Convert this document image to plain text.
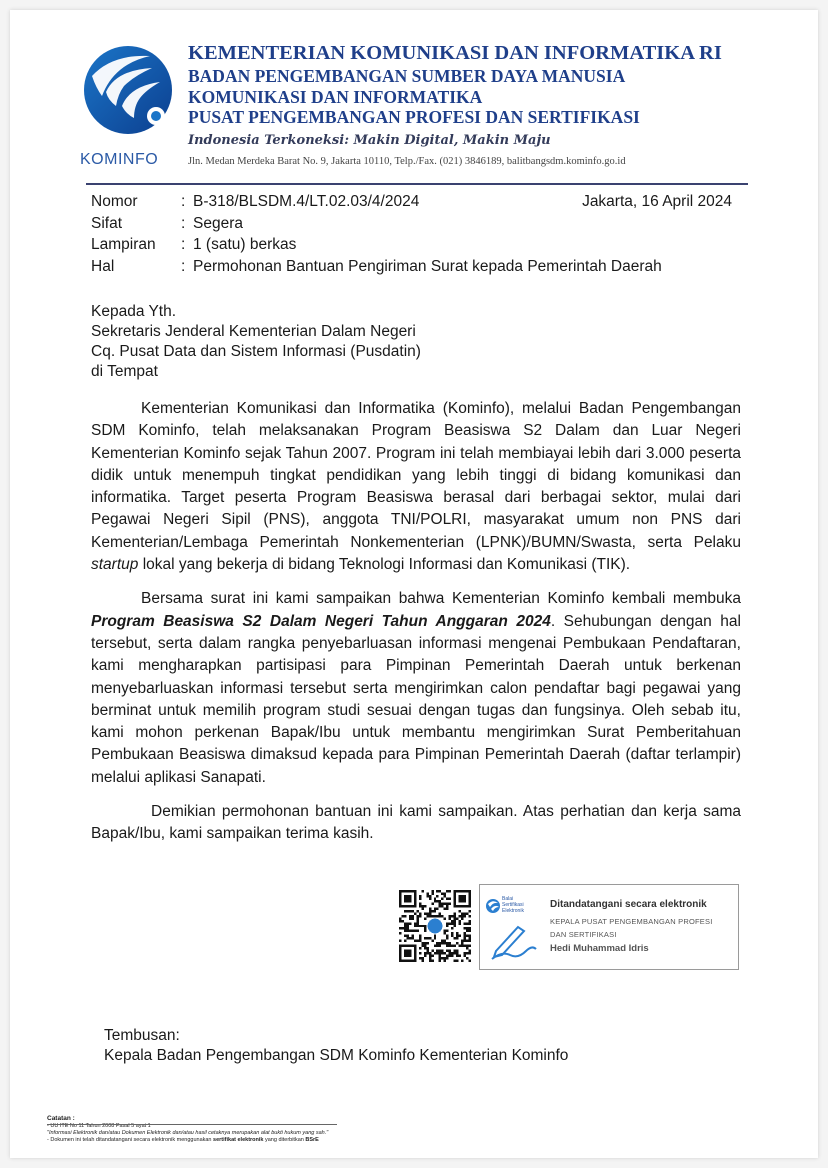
KOMINFO
KEMENTERIAN KOMUNIKASI DAN INFORMATIKA RI
BADAN PENGEMBANGAN SUMBER DAYA MANUSIA
KOMUNIKASI DAN INFORMATIKA
PUSAT PENGEMBANGAN PROFESI DAN SERTIFIKASI
Indonesia Terkoneksi: Makin Digital, Makin Maju
Jln. Medan Merdeka Barat No. 9, Jakarta 10110, Telp./Fax. (021) 3846189, balitbangsdm.kominfo.go.id
Nomor	: B-318/BLSDM.4/LT.02.03/4/2024
Sifat	: Segera
Lampiran	: 1 (satu) berkas
Hal	: Permohonan Bantuan Pengiriman Surat kepada Pemerintah Daerah
Jakarta, 16 April 2024
Kepada Yth.
Sekretaris Jenderal Kementerian Dalam Negeri
Cq. Pusat Data dan Sistem Informasi (Pusdatin)
di Tempat

Kementerian Komunikasi dan Informatika (Kominfo), melalui Badan Pengembangan SDM Kominfo, telah melaksanakan Program Beasiswa S2 Dalam dan Luar Negeri Kementerian Kominfo sejak Tahun 2007. Program ini telah membiayai lebih dari 3.000 peserta didik untuk menempuh tingkat pendidikan yang lebih tinggi di bidang komunikasi dan informatika. Target peserta Program Beasiswa berasal dari berbagai sektor, mulai dari Pegawai Negeri Sipil (PNS), anggota TNI/POLRI, masyarakat umum non PNS dari Kementerian/Lembaga Pemerintah Nonkementerian (LPNK)/BUMN/Swasta, serta Pelaku startup lokal yang bekerja di bidang Teknologi Informasi dan Komunikasi (TIK).

Bersama surat ini kami sampaikan bahwa Kementerian Kominfo kembali membuka Program Beasiswa S2 Dalam Negeri Tahun Anggaran 2024. Sehubungan dengan hal tersebut, serta dalam rangka penyebarluasan informasi mengenai Pembukaan Pendaftaran, kami mengharapkan partisipasi para Pimpinan Pemerintah Daerah untuk berkenan menyebarluaskan informasi tersebut serta mengirimkan calon pendaftar bagi pegawai yang berminat untuk memilih program studi sesuai dengan tugas dan fungsinya. Oleh sebab itu, kami mohon perkenan Bapak/Ibu untuk membantu mengirimkan Surat Pemberitahuan Pembukaan Beasiswa dimaksud kepada para Pimpinan Pemerintah Daerah (daftar terlampir) melalui aplikasi Sanapati.

Demikian permohonan bantuan ini kami sampaikan. Atas perhatian dan kerja sama Bapak/Ibu, kami sampaikan terima kasih.

Balai
Sertifikasi
Elektronik
Ditandatangani secara elektronik
KEPALA PUSAT PENGEMBANGAN PROFESI DAN SERTIFIKASI
Hedi Muhammad Idris
Tembusan:
Kepala Badan Pengembangan SDM Kominfo Kementerian Kominfo
Catatan :
- UU ITE No 11 Tahun 2008 Pasal 5 ayat 1
"Informasi Elektronik dan/atau Dokumen Elektronik dan/atau hasil cetaknya merupakan alat bukti hukum yang sah."
- Dokumen ini telah ditandatangani secara elektronik menggunakan sertifikat elektronik yang diterbitkan BSrE
